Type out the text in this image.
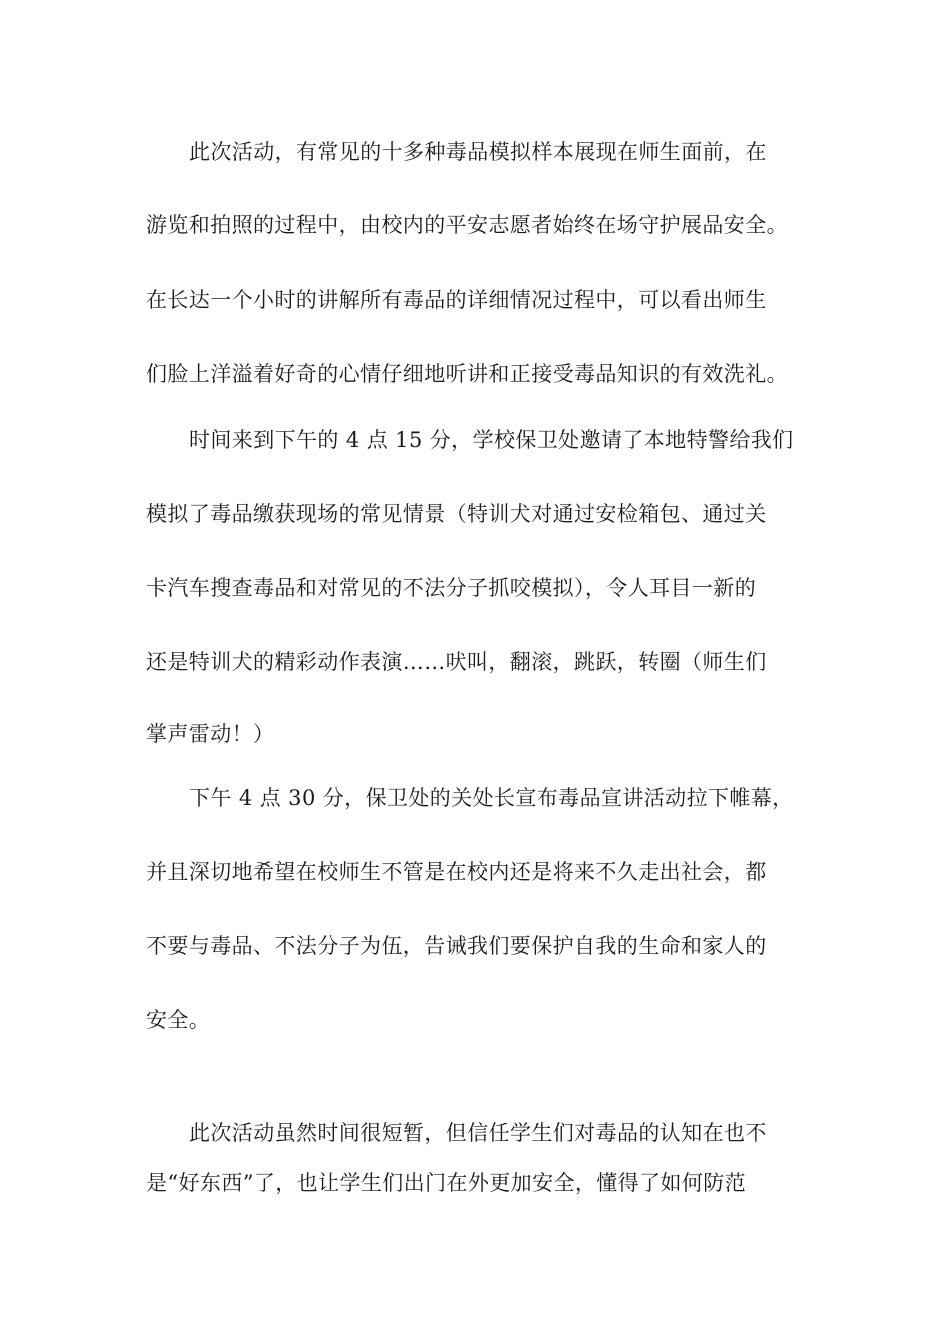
此次活动，有常见的十多种毒品模拟样本展现在师生面前，在
游览和拍照的过程中，由校内的平安志愿者始终在场守护展品安全。
在长达一个小时的讲解所有毒品的详细情况过程中，可以看出师生
们脸上洋溢着好奇的心情仔细地听讲和正接受毒品知识的有效洗礼。
时间来到下午的 4 点 15 分，学校保卫处邀请了本地特警给我们
模拟了毒品缴获现场的常见情景（特训犬对通过安检箱包、通过关
卡汽车搜查毒品和对常见的不法分子抓咬模拟），令人耳目一新的
还是特训犬的精彩动作表演……吠叫，翻滚，跳跃，转圈（师生们
掌声雷动！）
下午 4 点 30 分，保卫处的关处长宣布毒品宣讲活动拉下帷幕，
并且深切地希望在校师生不管是在校内还是将来不久走出社会，都
不要与毒品、不法分子为伍，告诫我们要保护自我的生命和家人的
安全。
此次活动虽然时间很短暂，但信任学生们对毒品的认知在也不
是“好东西”了，也让学生们出门在外更加安全，懂得了如何防范
